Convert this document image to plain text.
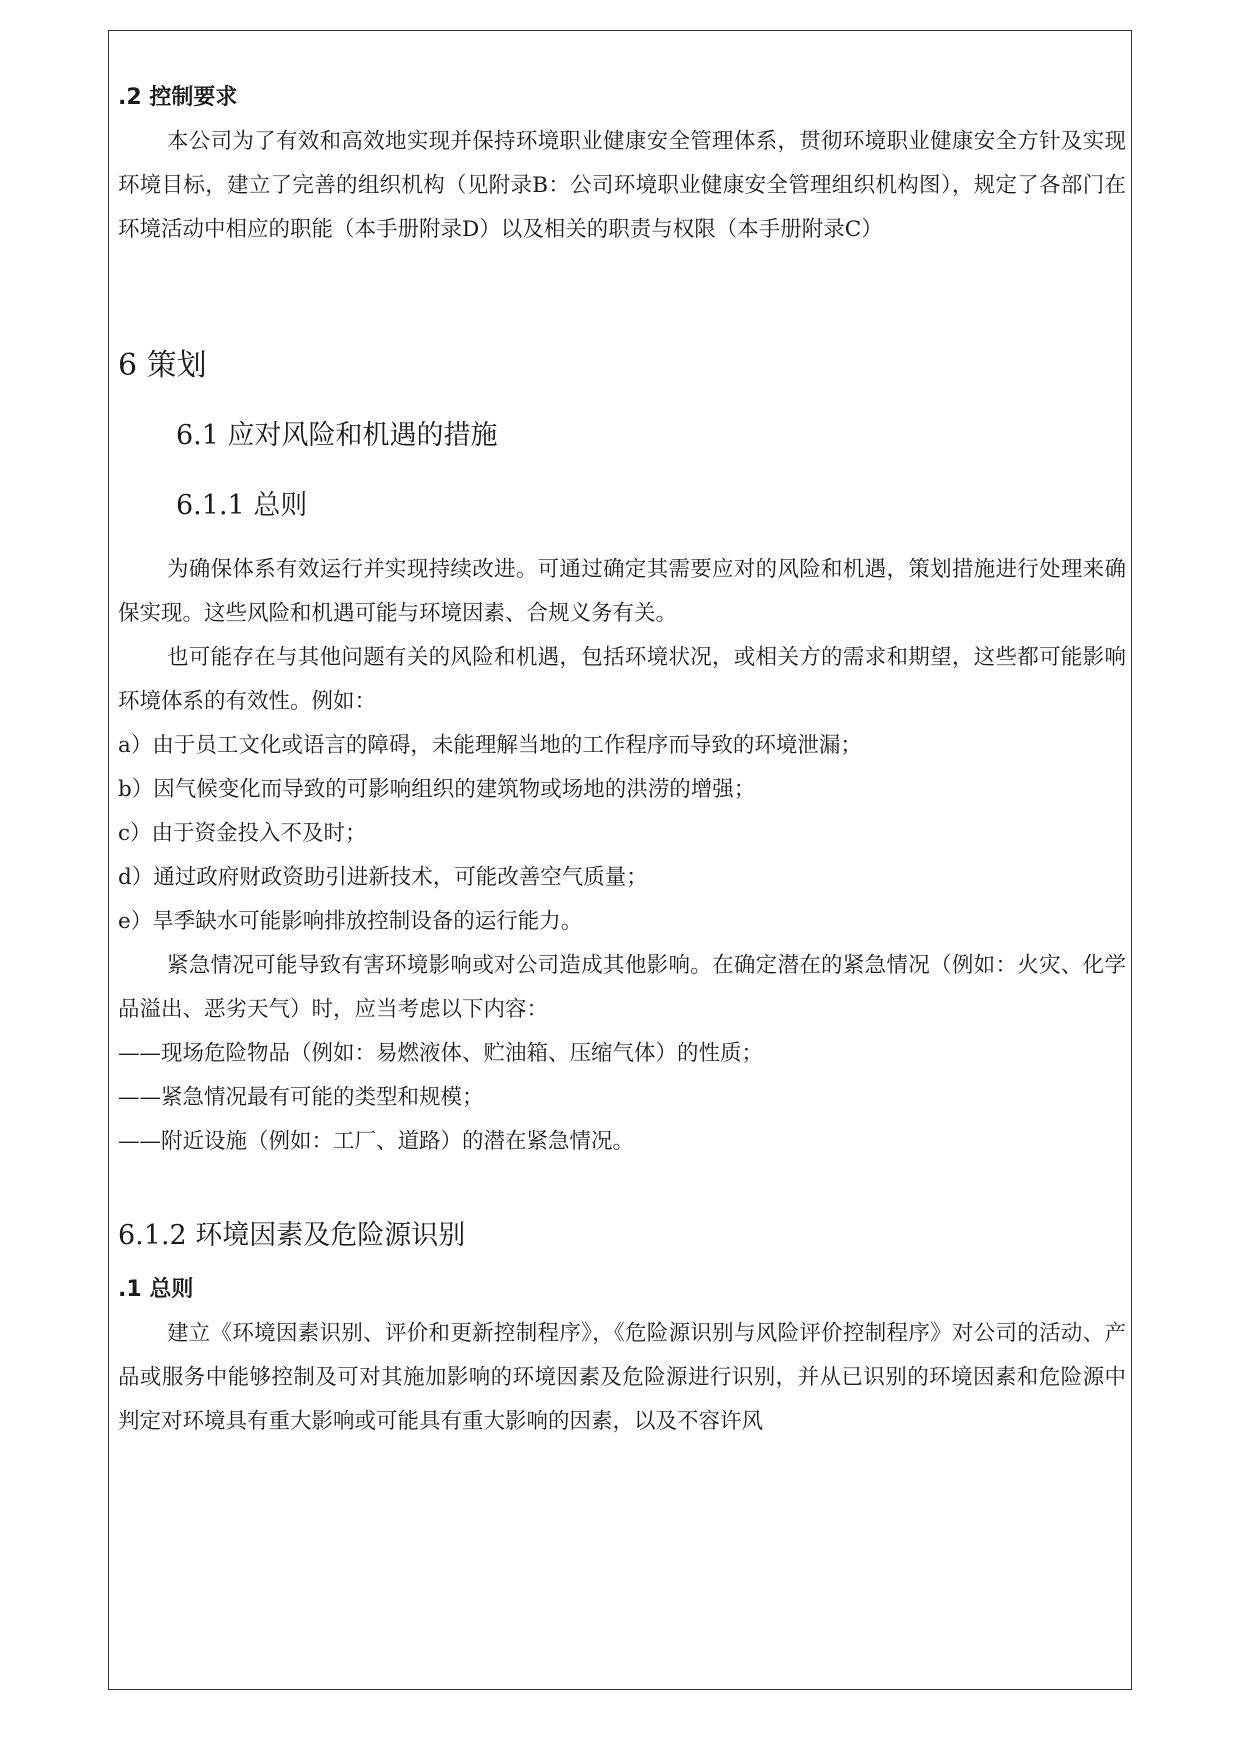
.2 控制要求

本公司为了有效和高效地实现并保持环境职业健康安全管理体系，贯彻环境职业健康安全方针及实现环境目标，建立了完善的组织机构（见附录B：公司环境职业健康安全管理组织机构图），规定了各部门在环境活动中相应的职能（本手册附录D）以及相关的职责与权限（本手册附录C）

6 策划
6.1 应对风险和机遇的措施
6.1.1 总则

为确保体系有效运行并实现持续改进。可通过确定其需要应对的风险和机遇，策划措施进行处理来确保实现。这些风险和机遇可能与环境因素、合规义务有关。

也可能存在与其他问题有关的风险和机遇，包括环境状况，或相关方的需求和期望，这些都可能影响环境体系的有效性。例如：

a）由于员工文化或语言的障碍，未能理解当地的工作程序而导致的环境泄漏；

b）因气候变化而导致的可影响组织的建筑物或场地的洪涝的增强；

c）由于资金投入不及时；

d）通过政府财政资助引进新技术，可能改善空气质量；

e）旱季缺水可能影响排放控制设备的运行能力。

紧急情况可能导致有害环境影响或对公司造成其他影响。在确定潜在的紧急情况（例如：火灾、化学品溢出、恶劣天气）时，应当考虑以下内容：

——现场危险物品（例如：易燃液体、贮油箱、压缩气体）的性质；

——紧急情况最有可能的类型和规模；

——附近设施（例如：工厂、道路）的潜在紧急情况。

6.1.2 环境因素及危险源识别

.1 总则

建立《环境因素识别、评价和更新控制程序》，《危险源识别与风险评价控制程序》对公司的活动、产品或服务中能够控制及可对其施加影响的环境因素及危险源进行识别，并从已识别的环境因素和危险源中判定对环境具有重大影响或可能具有重大影响的因素，以及不容许风
